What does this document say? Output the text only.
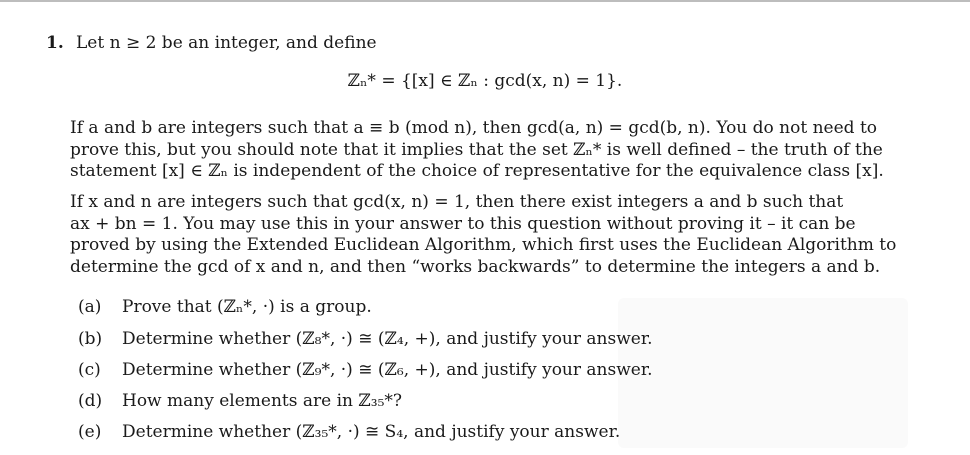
1. Let n ≥ 2 be an integer, and define
ℤₙ* = {[x] ∈ ℤₙ : gcd(x, n) = 1}.
If a and b are integers such that a ≡ b (mod n), then gcd(a, n) = gcd(b, n). You do not need to
prove this, but you should note that it implies that the set ℤₙ* is well defined – the truth of the
statement [x] ∈ ℤₙ is independent of the choice of representative for the equivalence class [x].
If x and n are integers such that gcd(x, n) = 1, then there exist integers a and b such that
ax + bn = 1. You may use this in your answer to this question without proving it – it can be
proved by using the Extended Euclidean Algorithm, which first uses the Euclidean Algorithm to
determine the gcd of x and n, and then “works backwards” to determine the integers a and b.
(a) Prove that (ℤₙ*, ·) is a group.
(b) Determine whether (ℤ₈*, ·) ≅ (ℤ₄, +), and justify your answer.
(c) Determine whether (ℤ₉*, ·) ≅ (ℤ₆, +), and justify your answer.
(d) How many elements are in ℤ₃₅*?
(e) Determine whether (ℤ₃₅*, ·) ≅ S₄, and justify your answer.
